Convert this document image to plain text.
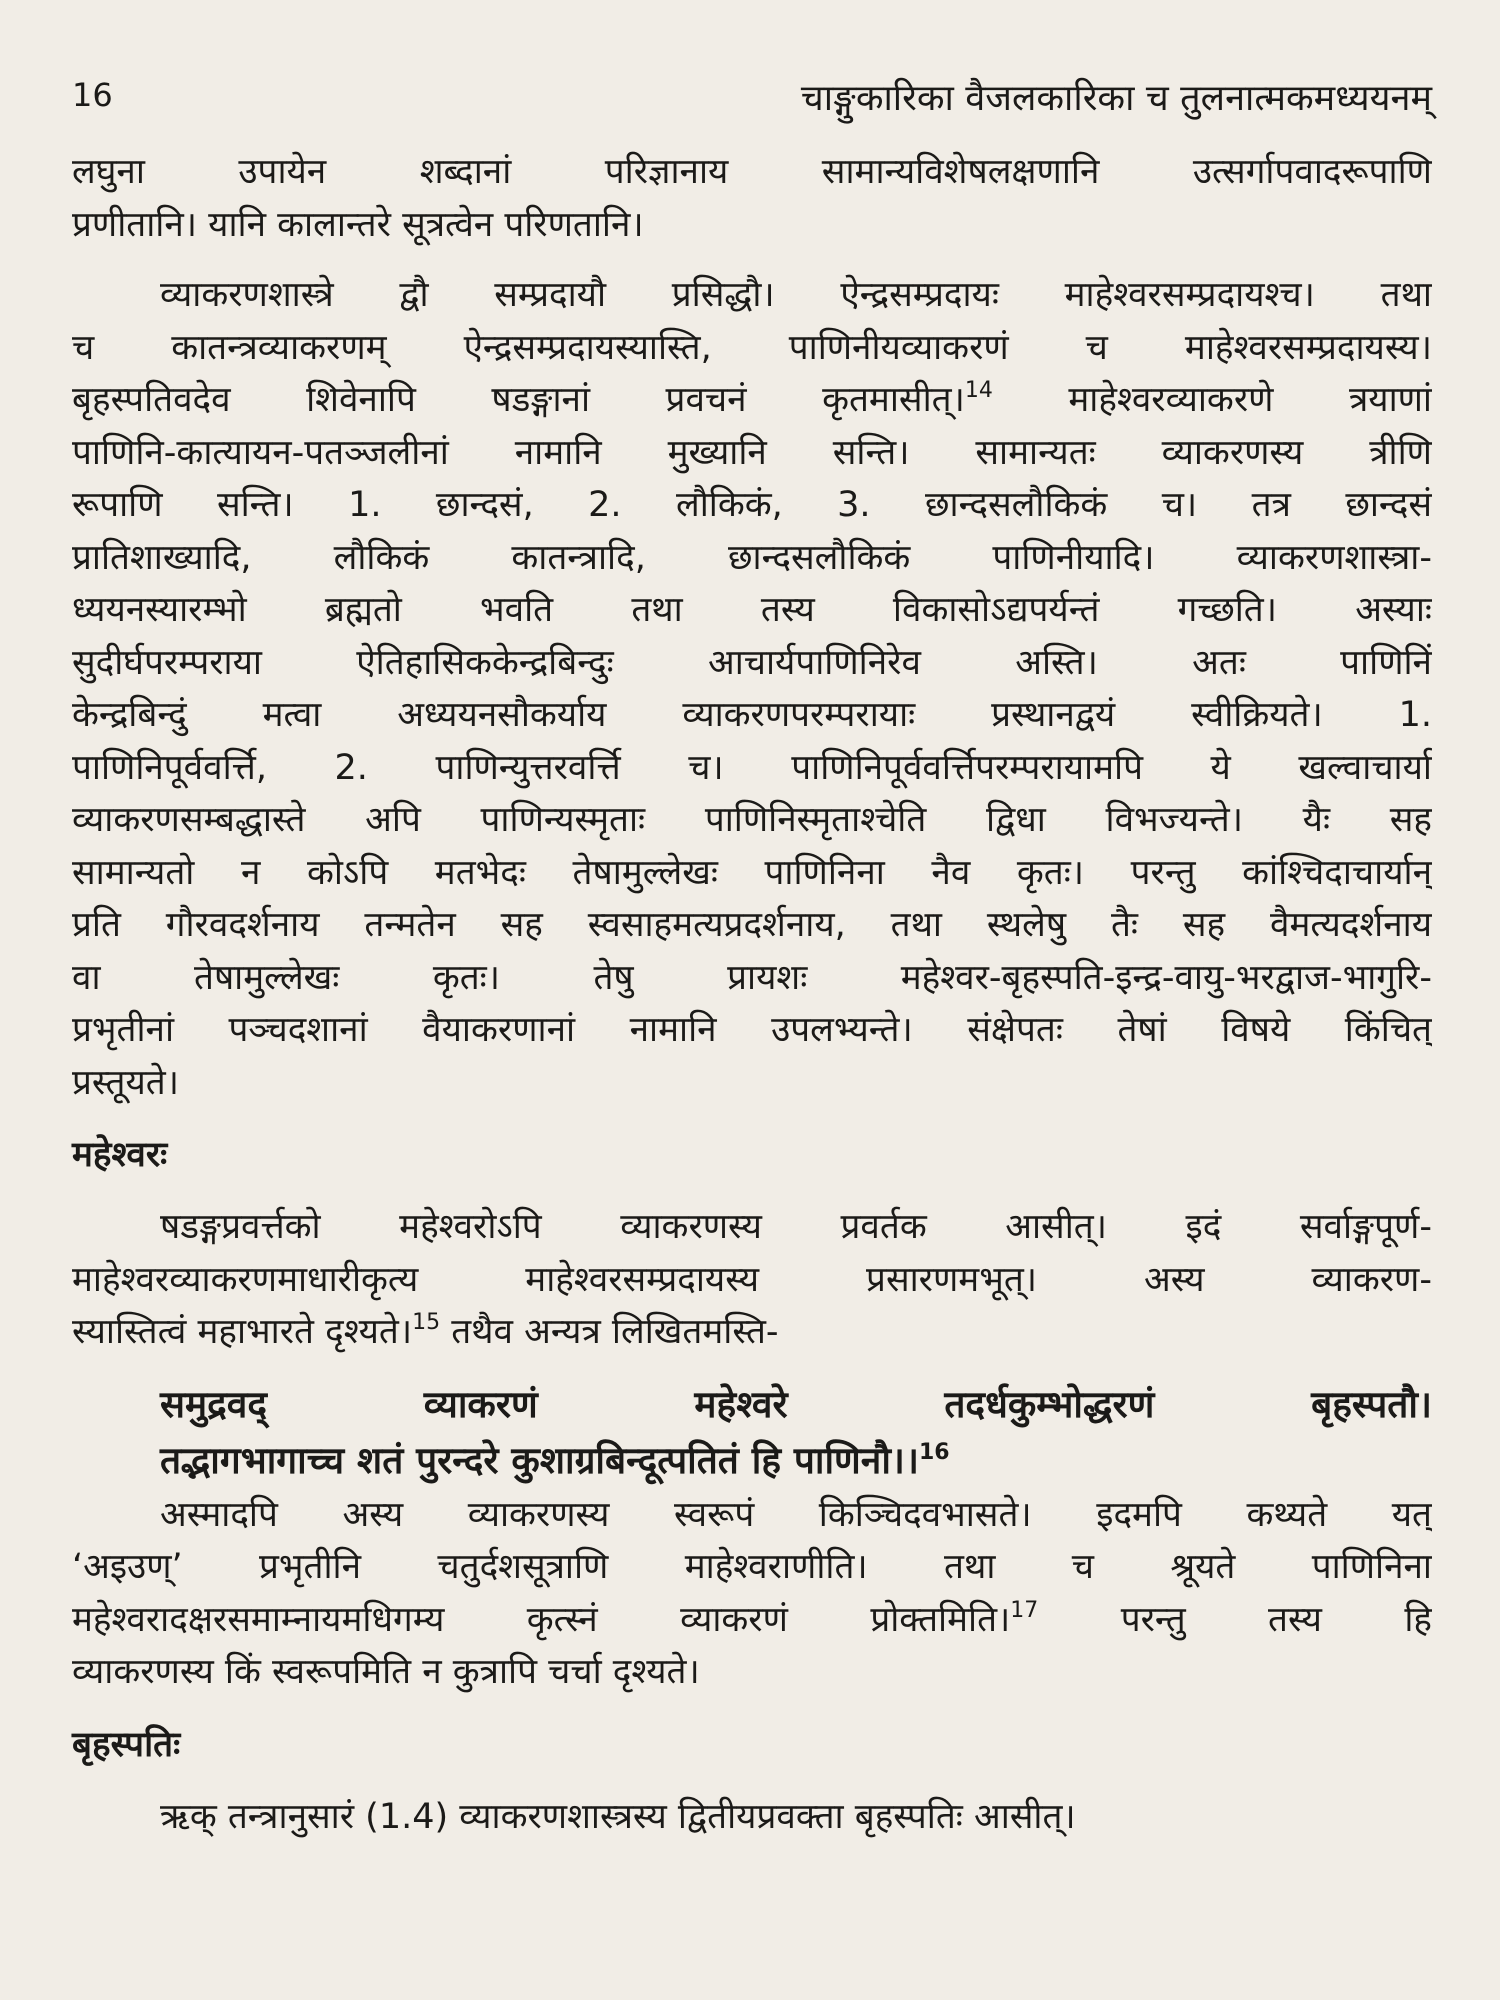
16	चाङ्गुकारिका वैजलकारिका च तुलनात्मकमध्ययनम्
लघुना उपायेन शब्दानां परिज्ञानाय सामान्यविशेषलक्षणानि उत्सर्गापवादरूपाणि
प्रणीतानि। यानि कालान्तरे सूत्रत्वेन परिणतानि।
व्याकरणशास्त्रे द्वौ सम्प्रदायौ प्रसिद्धौ। ऐन्द्रसम्प्रदायः माहेश्वरसम्प्रदायश्च। तथा
च कातन्त्रव्याकरणम् ऐन्द्रसम्प्रदायस्यास्ति, पाणिनीयव्याकरणं च माहेश्वरसम्प्रदायस्य।
बृहस्पतिवदेव शिवेनापि षडङ्गानां प्रवचनं कृतमासीत्।$^{14}$ माहेश्वरव्याकरणे त्रयाणां
पाणिनि-कात्यायन-पतञ्जलीनां नामानि मुख्यानि सन्ति। सामान्यतः व्याकरणस्य त्रीणि
रूपाणि सन्ति। 1. छान्दसं, 2. लौकिकं, 3. छान्दसलौकिकं च। तत्र छान्दसं
प्रातिशाख्यादि, लौकिकं कातन्त्रादि, छान्दसलौकिकं पाणिनीयादि। व्याकरणशास्त्रा-
ध्ययनस्यारम्भो ब्रह्मतो भवति तथा तस्य विकासोऽद्यपर्यन्तं गच्छति। अस्याः
सुदीर्घपरम्पराया ऐतिहासिककेन्द्रबिन्दुः आचार्यपाणिनिरेव अस्ति। अतः पाणिनिं
केन्द्रबिन्दुं मत्वा अध्ययनसौकर्याय व्याकरणपरम्परायाः प्रस्थानद्वयं स्वीक्रियते। 1.
पाणिनिपूर्ववर्त्ति, 2. पाणिन्युत्तरवर्त्ति च। पाणिनिपूर्ववर्त्तिपरम्परायामपि ये खल्वाचार्या
व्याकरणसम्बद्धास्ते अपि पाणिन्यस्मृताः पाणिनिस्मृताश्चेति द्विधा विभज्यन्ते। यैः सह
सामान्यतो न कोऽपि मतभेदः तेषामुल्लेखः पाणिनिना नैव कृतः। परन्तु कांश्चिदाचार्यान्
प्रति गौरवदर्शनाय तन्मतेन सह स्वसाहमत्यप्रदर्शनाय, तथा स्थलेषु तैः सह वैमत्यदर्शनाय
वा तेषामुल्लेखः कृतः। तेषु प्रायशः महेश्वर-बृहस्पति-इन्द्र-वायु-भरद्वाज-भागुरि-
प्रभृतीनां पञ्चदशानां वैयाकरणानां नामानि उपलभ्यन्ते। संक्षेपतः तेषां विषये किंचित्
प्रस्तूयते।
महेश्वरः
षडङ्गप्रवर्त्तको महेश्वरोऽपि व्याकरणस्य प्रवर्तक आसीत्। इदं सर्वाङ्गपूर्ण-
माहेश्वरव्याकरणमाधारीकृत्य माहेश्वरसम्प्रदायस्य प्रसारणमभूत्। अस्य व्याकरण-
स्यास्तित्वं महाभारते दृश्यते।$^{15}$ तथैव अन्यत्र लिखितमस्ति-
समुद्रवद् व्याकरणं महेश्वरे तदर्धकुम्भोद्धरणं बृहस्पतौ।
तद्भागभागाच्च शतं पुरन्दरे कुशाग्रबिन्दूत्पतितं हि पाणिनौ।।$^{16}$
अस्मादपि अस्य व्याकरणस्य स्वरूपं किञ्चिदवभासते। इदमपि कथ्यते यत्
‘अइउण्’ प्रभृतीनि चतुर्दशसूत्राणि माहेश्वराणीति। तथा च श्रूयते पाणिनिना
महेश्वरादक्षरसमाम्नायमधिगम्य कृत्स्नं व्याकरणं प्रोक्तमिति।$^{17}$ परन्तु तस्य हि
व्याकरणस्य किं स्वरूपमिति न कुत्रापि चर्चा दृश्यते।
बृहस्पतिः
ऋक् तन्त्रानुसारं (1.4) व्याकरणशास्त्रस्य द्वितीयप्रवक्ता बृहस्पतिः आसीत्।
